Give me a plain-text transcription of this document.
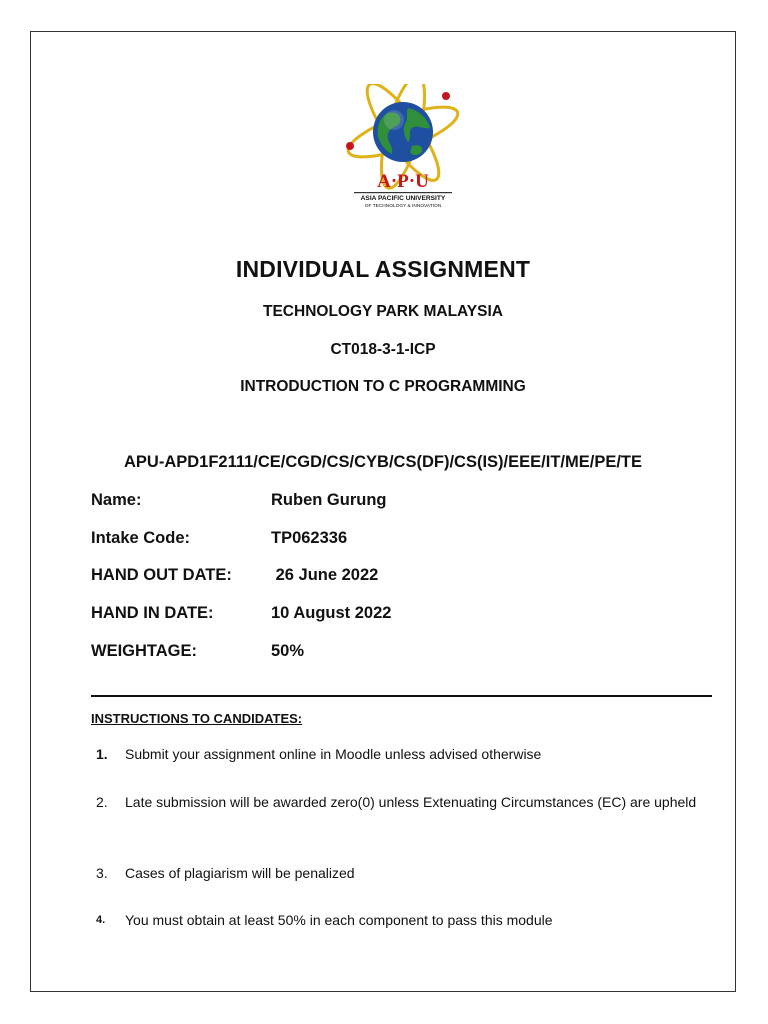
A·P·U
ASIA PACIFIC UNIVERSITY
OF TECHNOLOGY & INNOVATION
INDIVIDUAL ASSIGNMENT
TECHNOLOGY PARK MALAYSIA
CT018-3-1-ICP
INTRODUCTION TO C PROGRAMMING
APU-APD1F2111/CE/CGD/CS/CYB/CS(DF)/CS(IS)/EEE/IT/ME/PE/TE
Name:	Ruben Gurung
Intake Code:	TP062336
HAND OUT DATE: 26 June 2022
HAND IN DATE:	10 August 2022
WEIGHTAGE:	50%
INSTRUCTIONS TO CANDIDATES:
1.	Submit your assignment online in Moodle unless advised otherwise
2.	Late submission will be awarded zero(0) unless Extenuating Circumstances (EC) are upheld
3.	Cases of plagiarism will be penalized
4.	You must obtain at least 50% in each component to pass this module
